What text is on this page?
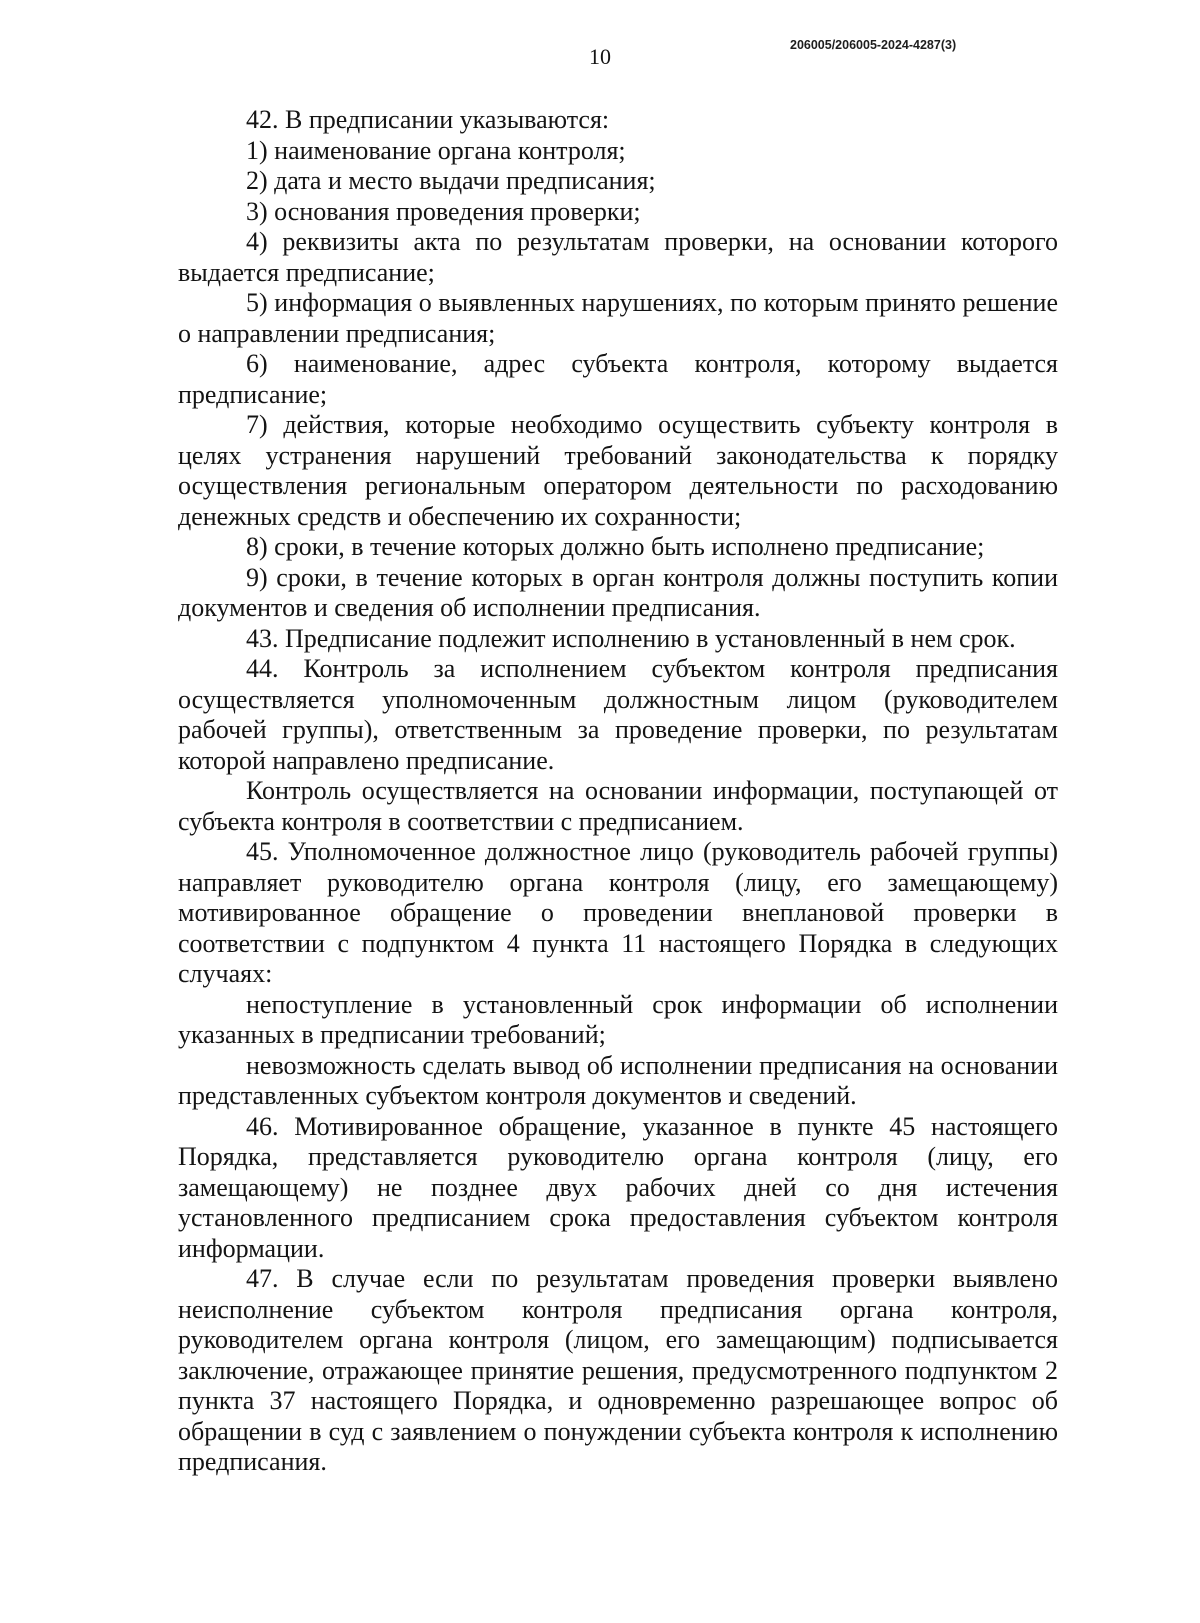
10	206005/206005-2024-4287(3)

42. В предписании указываются:

1) наименование органа контроля;

2) дата и место выдачи предписания;

3) основания проведения проверки;

4) реквизиты акта по результатам проверки, на основании которого выдается предписание;

5) информация о выявленных нарушениях, по которым принято решение о направлении предписания;

6) наименование, адрес субъекта контроля, которому выдается предписание;

7) действия, которые необходимо осуществить субъекту контроля в целях устранения нарушений требований законодательства к порядку осуществления региональным оператором деятельности по расходованию денежных средств и обеспечению их сохранности;

8) сроки, в течение которых должно быть исполнено предписание;

9) сроки, в течение которых в орган контроля должны поступить копии документов и сведения об исполнении предписания.

43. Предписание подлежит исполнению в установленный в нем срок.

44. Контроль за исполнением субъектом контроля предписания осуществляется уполномоченным должностным лицом (руководителем рабочей группы), ответственным за проведение проверки, по результатам которой направлено предписание.

Контроль осуществляется на основании информации, поступающей от субъекта контроля в соответствии с предписанием.

45. Уполномоченное должностное лицо (руководитель рабочей группы) направляет руководителю органа контроля (лицу, его замещающему) мотивированное обращение о проведении внеплановой проверки в соответствии с подпунктом 4 пункта 11 настоящего Порядка в следующих случаях:

непоступление в установленный срок информации об исполнении указанных в предписании требований;

невозможность сделать вывод об исполнении предписания на основании представленных субъектом контроля документов и сведений.

46. Мотивированное обращение, указанное в пункте 45 настоящего Порядка, представляется руководителю органа контроля (лицу, его замещающему) не позднее двух рабочих дней со дня истечения установленного предписанием срока предоставления субъектом контроля информации.

47. В случае если по результатам проведения проверки выявлено неисполнение субъектом контроля предписания органа контроля, руководителем органа контроля (лицом, его замещающим) подписывается заключение, отражающее принятие решения, предусмотренного подпунктом 2 пункта 37 настоящего Порядка, и одновременно разрешающее вопрос об обращении в суд с заявлением о понуждении субъекта контроля к исполнению предписания.
